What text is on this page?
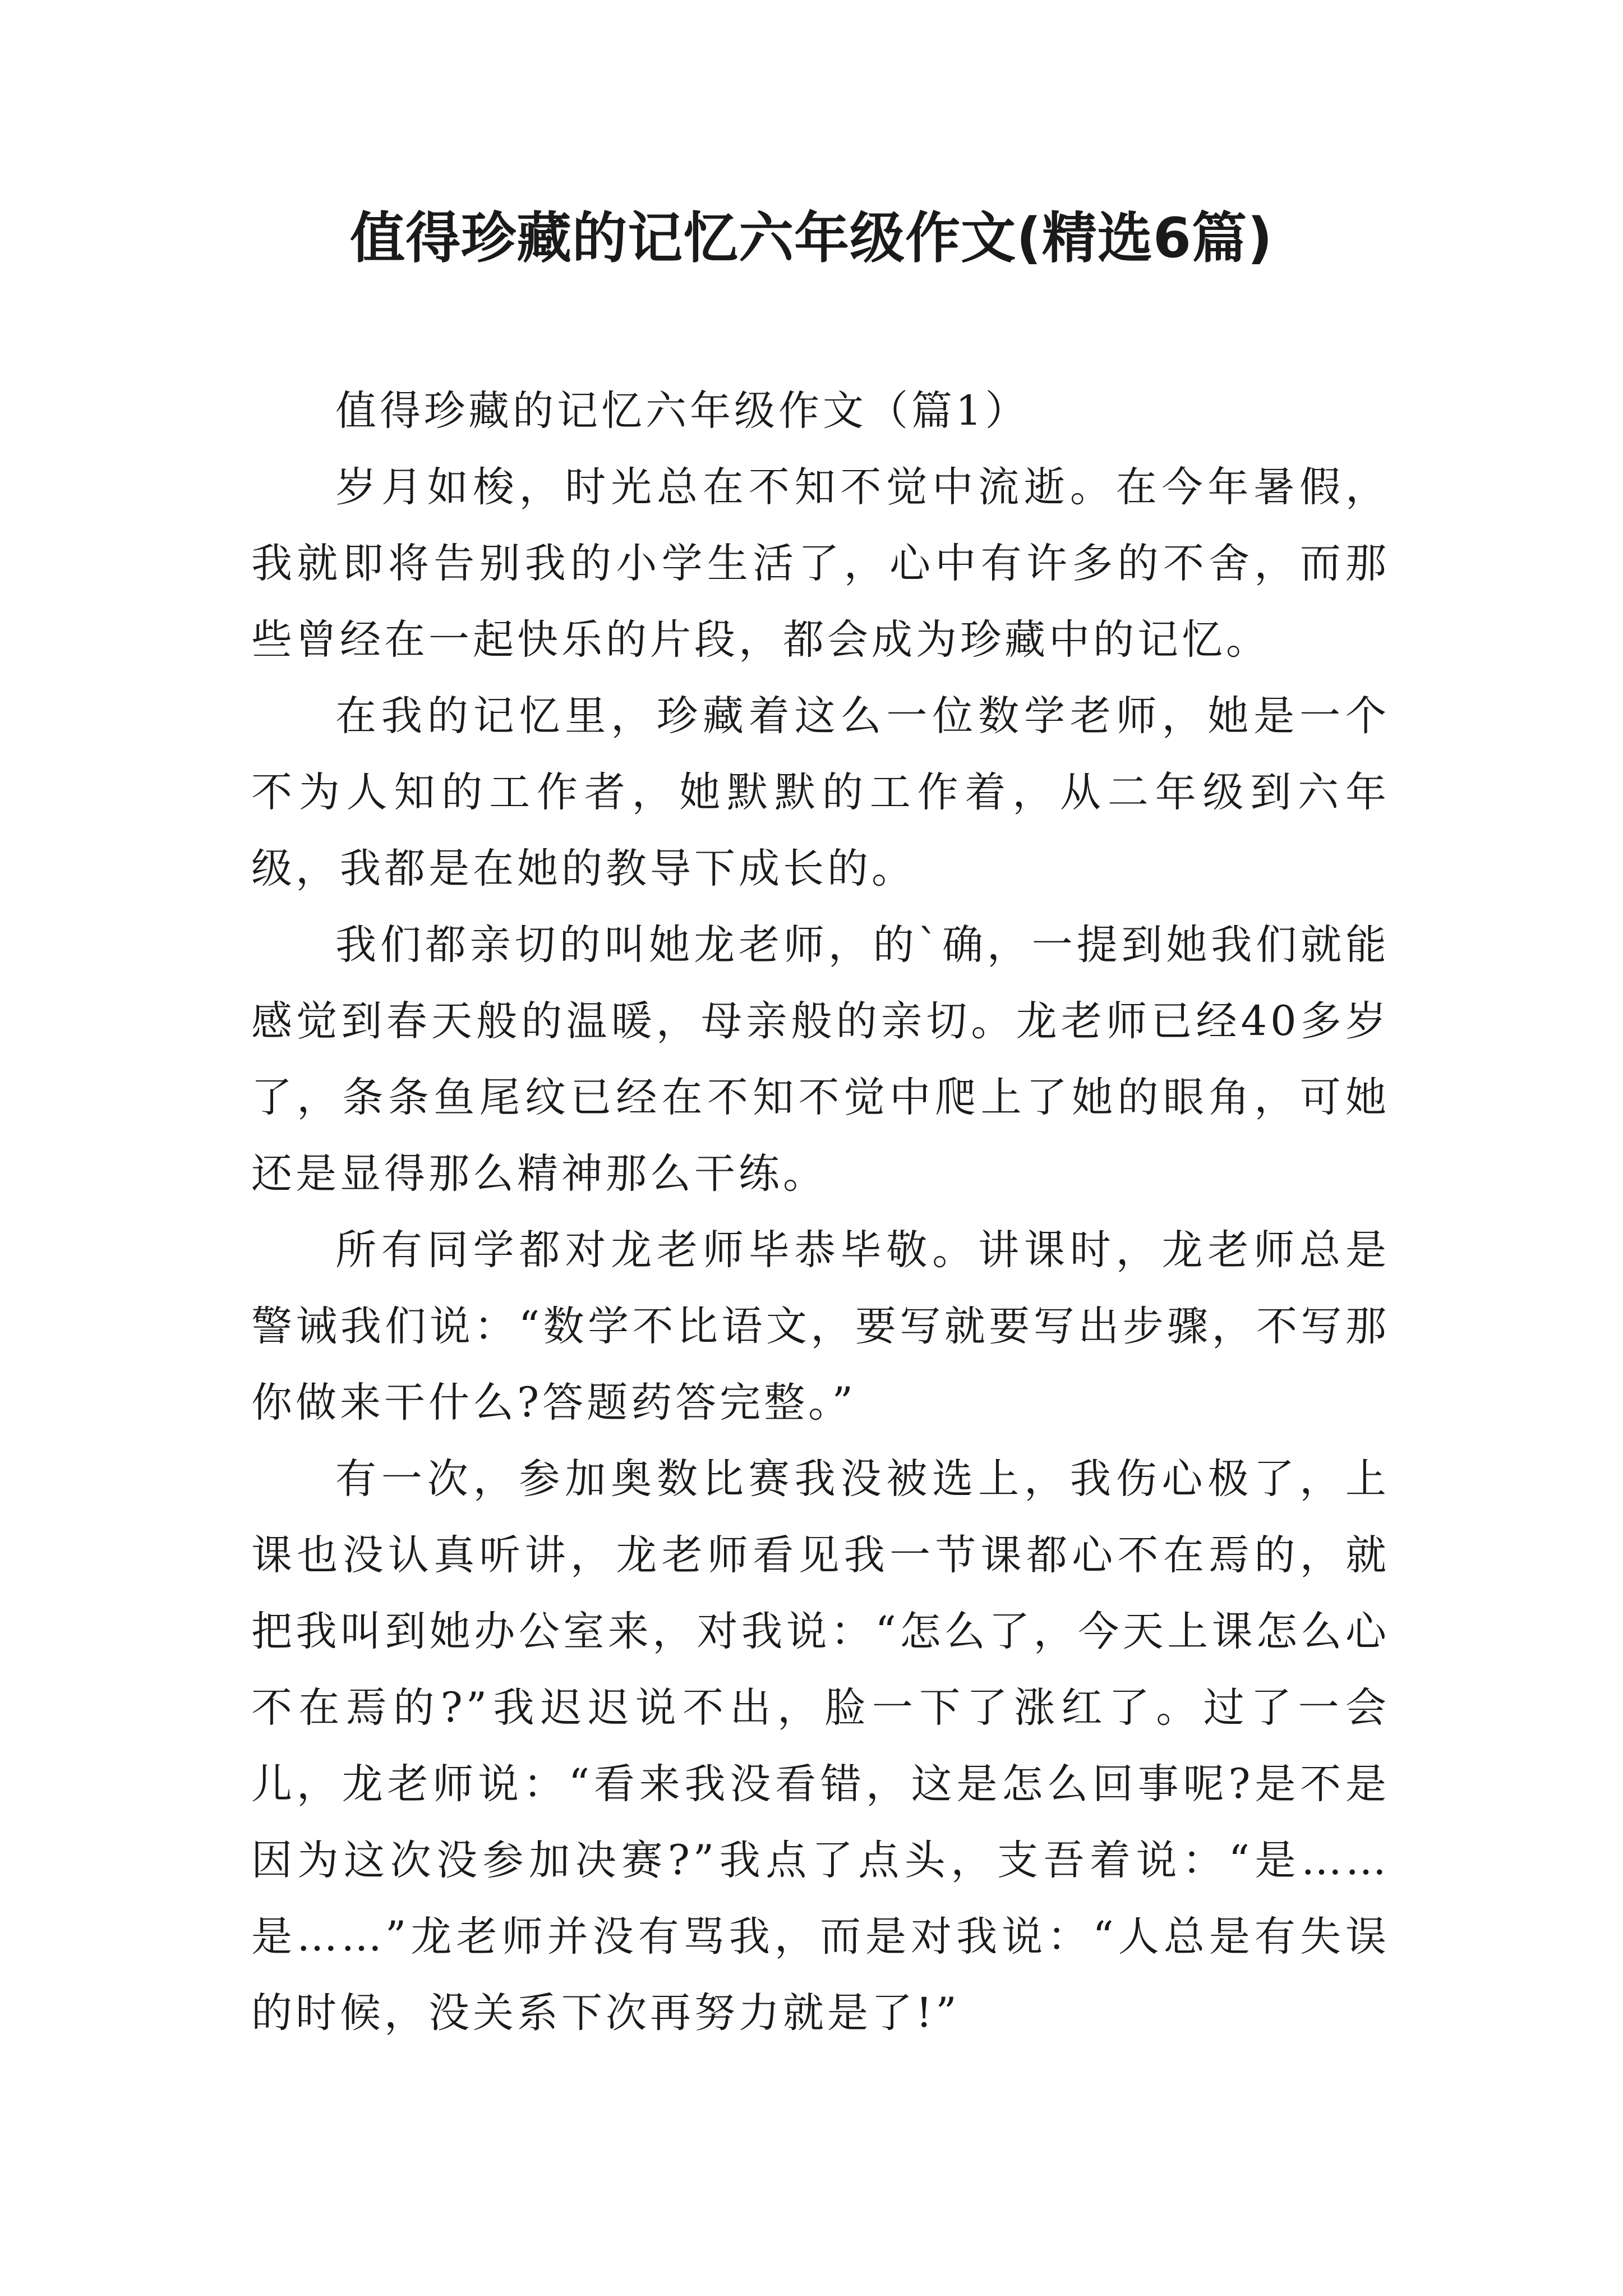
值得珍藏的记忆六年级作文(精选6篇)

值得珍藏的记忆六年级作文（篇1）

岁月如梭，时光总在不知不觉中流逝。在今年暑假，我就即将告别我的小学生活了，心中有许多的不舍，而那些曾经在一起快乐的片段，都会成为珍藏中的记忆。

在我的记忆里，珍藏着这么一位数学老师，她是一个不为人知的工作者，她默默的工作着，从二年级到六年级，我都是在她的教导下成长的。

我们都亲切的叫她龙老师，的`确，一提到她我们就能感觉到春天般的温暖，母亲般的亲切。龙老师已经40多岁了，条条鱼尾纹已经在不知不觉中爬上了她的眼角，可她还是显得那么精神那么干练。

所有同学都对龙老师毕恭毕敬。讲课时，龙老师总是警诫我们说：“数学不比语文，要写就要写出步骤，不写那你做来干什么?答题药答完整。”

有一次，参加奥数比赛我没被选上，我伤心极了，上课也没认真听讲，龙老师看见我一节课都心不在焉的，就把我叫到她办公室来，对我说：“怎么了，今天上课怎么心不在焉的?”我迟迟说不出，脸一下了涨红了。过了一会儿，龙老师说：“看来我没看错，这是怎么回事呢?是不是因为这次没参加决赛?”我点了点头，支吾着说：“是……是……”龙老师并没有骂我，而是对我说：“人总是有失误的时候，没关系下次再努力就是了!”
